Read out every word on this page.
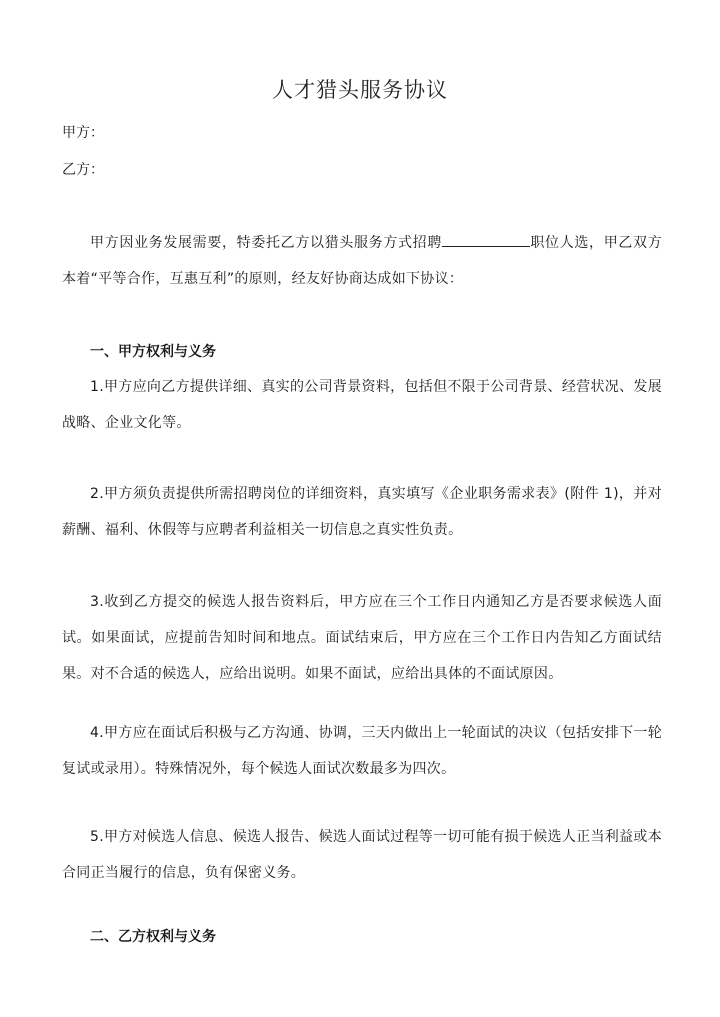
人才猎头服务协议
甲方：
乙方：
甲方因业务发展需要，特委托乙方以猎头服务方式招聘	职位人选，甲乙双方本着“平等合作，互惠互利”的原则，经友好协商达成如下协议：
一、甲方权利与义务
1.甲方应向乙方提供详细、真实的公司背景资料，包括但不限于公司背景、经营状况、发展战略、企业文化等。
2.甲方须负责提供所需招聘岗位的详细资料，真实填写《企业职务需求表》(附件 1)，并对薪酬、福利、休假等与应聘者利益相关一切信息之真实性负责。
3.收到乙方提交的候选人报告资料后，甲方应在三个工作日内通知乙方是否要求候选人面试。如果面试，应提前告知时间和地点。面试结束后，甲方应在三个工作日内告知乙方面试结果。对不合适的候选人，应给出说明。如果不面试，应给出具体的不面试原因。
4.甲方应在面试后积极与乙方沟通、协调，三天内做出上一轮面试的决议（包括安排下一轮复试或录用）。特殊情况外，每个候选人面试次数最多为四次。
5.甲方对候选人信息、候选人报告、候选人面试过程等一切可能有损于候选人正当利益或本合同正当履行的信息，负有保密义务。
二、乙方权利与义务
